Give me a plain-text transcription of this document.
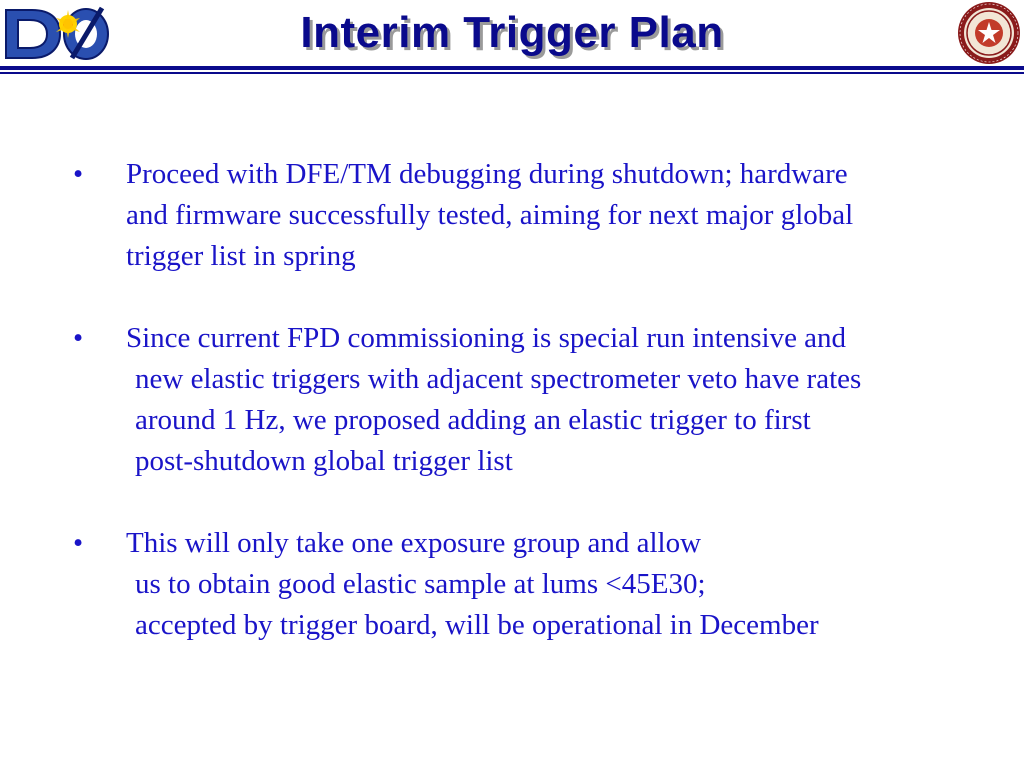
φ	Interim Trigger Plan
•	Proceed with DFE/TM debugging during shutdown; hardware
and firmware successfully tested, aiming for next major global
trigger list in spring
•	Since current FPD commissioning is special run intensive and
new elastic triggers with adjacent spectrometer veto have rates
around 1 Hz, we proposed adding an elastic trigger to first
post-shutdown global trigger list
•	This will only take one exposure group and allow
us to obtain good elastic sample at lums <45E30;
accepted by trigger board, will be operational in December
